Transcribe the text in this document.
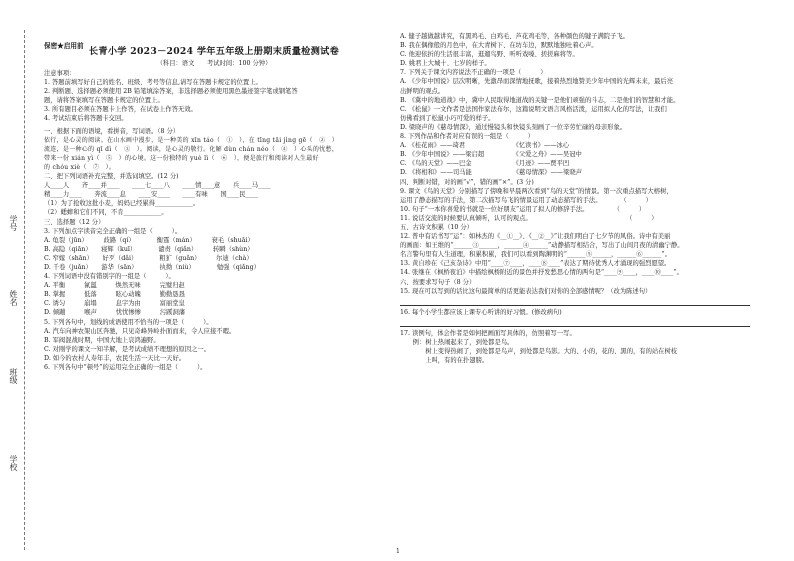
学号
姓名
班级
学校
保密★启用前 长青小学 2023－2024 学年五年级上册期末质量检测试卷
（科目：语文　　考试时间：100 分钟）
注意事项：
1. 答题前填写好自己的姓名、班级、考号等信息,请写在答题卡规定的位置上。
2. 判断题、选择题必须使用 2B 铅笔填涂答案，非选择题必须使用黑色墨迹签字笔或钢笔答
题，请将答案填写在答题卡规定的位置上。
3. 所有题目必须在答题卡上作答，在试卷上作答无效。
4. 考试结束后将答题卡交回。
一、根据下面的语境，看拼音，写词语。（8 分）
依行，是心灵的阅读。在山水画中漫步，是一种美的 xīn táo（　①　），在 tīng tāi jìng gē（　②　）
流连，是一种心的 qī dì（　③　）。阅读，是心灵的敬行。化解 dùn chán néo（　④　）心头的忧愁，
带来一份 xián yì（　⑤　）的心境。这一份独特的 yuè lì（　⑥　），便是旅行和阅读对人生最好
的 chóu xiè（　⑦　）。
二、把下列词语补充完整，并选词填空。(12 分)
人____人　　齐____并____　　____七____八　　____情____意　　兵____马____
精____力____　　奔流____息　　____安____　　____有味　　国____民____
（1）为了抢收这批小麦，妈妈已经累得____________。
（2）蟋蟀和它们不同，不肯____________。
三、选择题（12 分）
3. 下列加点字读音完全正确的一组是（　　　）。
A. 龟裂（jūn）　　　歧路（qí）　　　　衡霆（mán）　　　衰毛（shuāi）
B. 高隐（qiān）　　寝辉（kuī）　　　　谴责（qiǎn）　　　转瞬（shùn）
C. 窄嫁（shān）　　好歹（dǎi）　　　　粗犷（guǎn）　　　尔迪（chà）
D. 千卷（juǎn）　　游华（sān）　　　　执拗（niù）　　　　勉强（qiǎng）
4. 下列词语中没有错别字的一组是（　　　）。
A. 平衡　　　氤氲　　　焕然无味　　　完璧归赵
B. 掌握　　　低落　　　眩心动魄　　　勤勤恳恳
C. 诱匀　　　崩塌　　　息字为由　　　富丽堂皇
D. 倾蹦　　　喉声　　　忧忧惨惨　　　污蹊洞藩
5. 下列各句中，划线的成语使用不恰当的一项是（　　　）。
A. 汽车向神农架山区奔驰，只见奇峰异岭扑面而来，令人应接不暇。
B. 军阀混战时期，中国大地上哀鸿遍野。
C. 对刚学的课文一知半解，是考试成绩不理想的原因之一。
D. 如今的农村人寿年丰，农民生活一天比一天好。
6. 下列各句中“顿号”的运用完全正确的一组是（　　　）。
A. 健子越做越讲究，有黑鸡毛、白鸡毛、芦花鸡毛等，各种颜色的键子满院子飞。
B. 我在偶像般的月色中，在大青树下、在坊车边，默默地独吐着心声。
C. 他迎依折的生活很丰富，逛遛鸟野、听听戏嗓、搓搓麻将等。
D. 姚君上大城十、七岁的样子。
7. 下列关于课文内容说法不正确的一项是（　　　）
A. 《少年中国说》层次明晰，先激昂而深情地抚歌，接着热烈地赞美少年中国的光辉未来，最后亮
出鲜明的观点。
B. 《冀中的地道战》中，冀中人民取得地道战的关键一是他们顽强的斗志，二是他们的智慧和才能。
C. 《松鼠》一文作者是法国作家法布尔，这篇说明文语言风格活泼，运用拟人化的写法，让我们
仿佛看到了松鼠小巧可爱的样子。
D. 梁晓声的《慈母情深》，通过慢镜头和快镜头刻画了一位辛劳忙碌的母亲形象。
8. 下列作品和作者对应有误的一组是（　　　）
A. 《桂花雨》——琦君　　　　　　　　《忆读书》——冰心
B. 《少年中国说》——梁启超　　　　　《父爱之舟》——吴冠中
C. 《鸟的天堂》——巴金　　　　　　　《月迹》——贾平凹
D. 《将相和》——司马能　　　　　　　《慈母情深》——梁晓声
四、判断对错，对的画“√”，错的画“×”。(3 分)
9. 课文《鸟的天堂》分别描写了傍晚和早晨两次看到“鸟的天堂”的情景。第一次重点描写大榕树，
运用了静态描写的手法，第二次描写鸟飞的情景运用了动态描写的手法。　　　　（　　　）
10. 句子“一本你喜爱的书就是一位好朋友”运用了拟人的修辞手法。　　　　　（　　　）
11. 说话交流的时候要认真倾听，认可的观点。　　　　　　　　　　　　　　　　（　　　）
五、古诗文积累（10 分）
12. 普中有话书写“运”：如林杰的《__①__》、《__②__》”让我们明白了七夕节的风俗。诗中有美丽
的画面：如王维的“______③______，______④______”动静描写相结合，写出了山间月夜的清幽宁静。
名言警句里有人生道理，积累积累，我们可以看到陶渊明的“______⑤______，______⑥______”。
13. 黄自珍在《己亥杂诗》中用“____⑦____，____⑧____”表达了期待优秀人才涌现的强烈愿望。
14. 张继在《枫桥夜泊》中描绘枫桥附近的景色并抒发愁思心情的两句是“____⑨____，____⑩____”。
六、按要求写句子（8 分）
15. 现在可以写到的话比这句最简单的话更能表达我们对你的全部感情呢？（改为陈述句）
16. 每个小学生都应该上课专心听讲的好习惯。(修改病句)
17. 读例句，体会作者是如何把画面写具体的，仿照着写一写。
　　例：树上热闹起来了，到处都是鸟。
　　　　树上变得热闹了，到处都是鸟声，到处都是鸟影。大的、小的，花的、黑的，有的站在树枝
　　　　上叫，有的在扑翅膀。
1
